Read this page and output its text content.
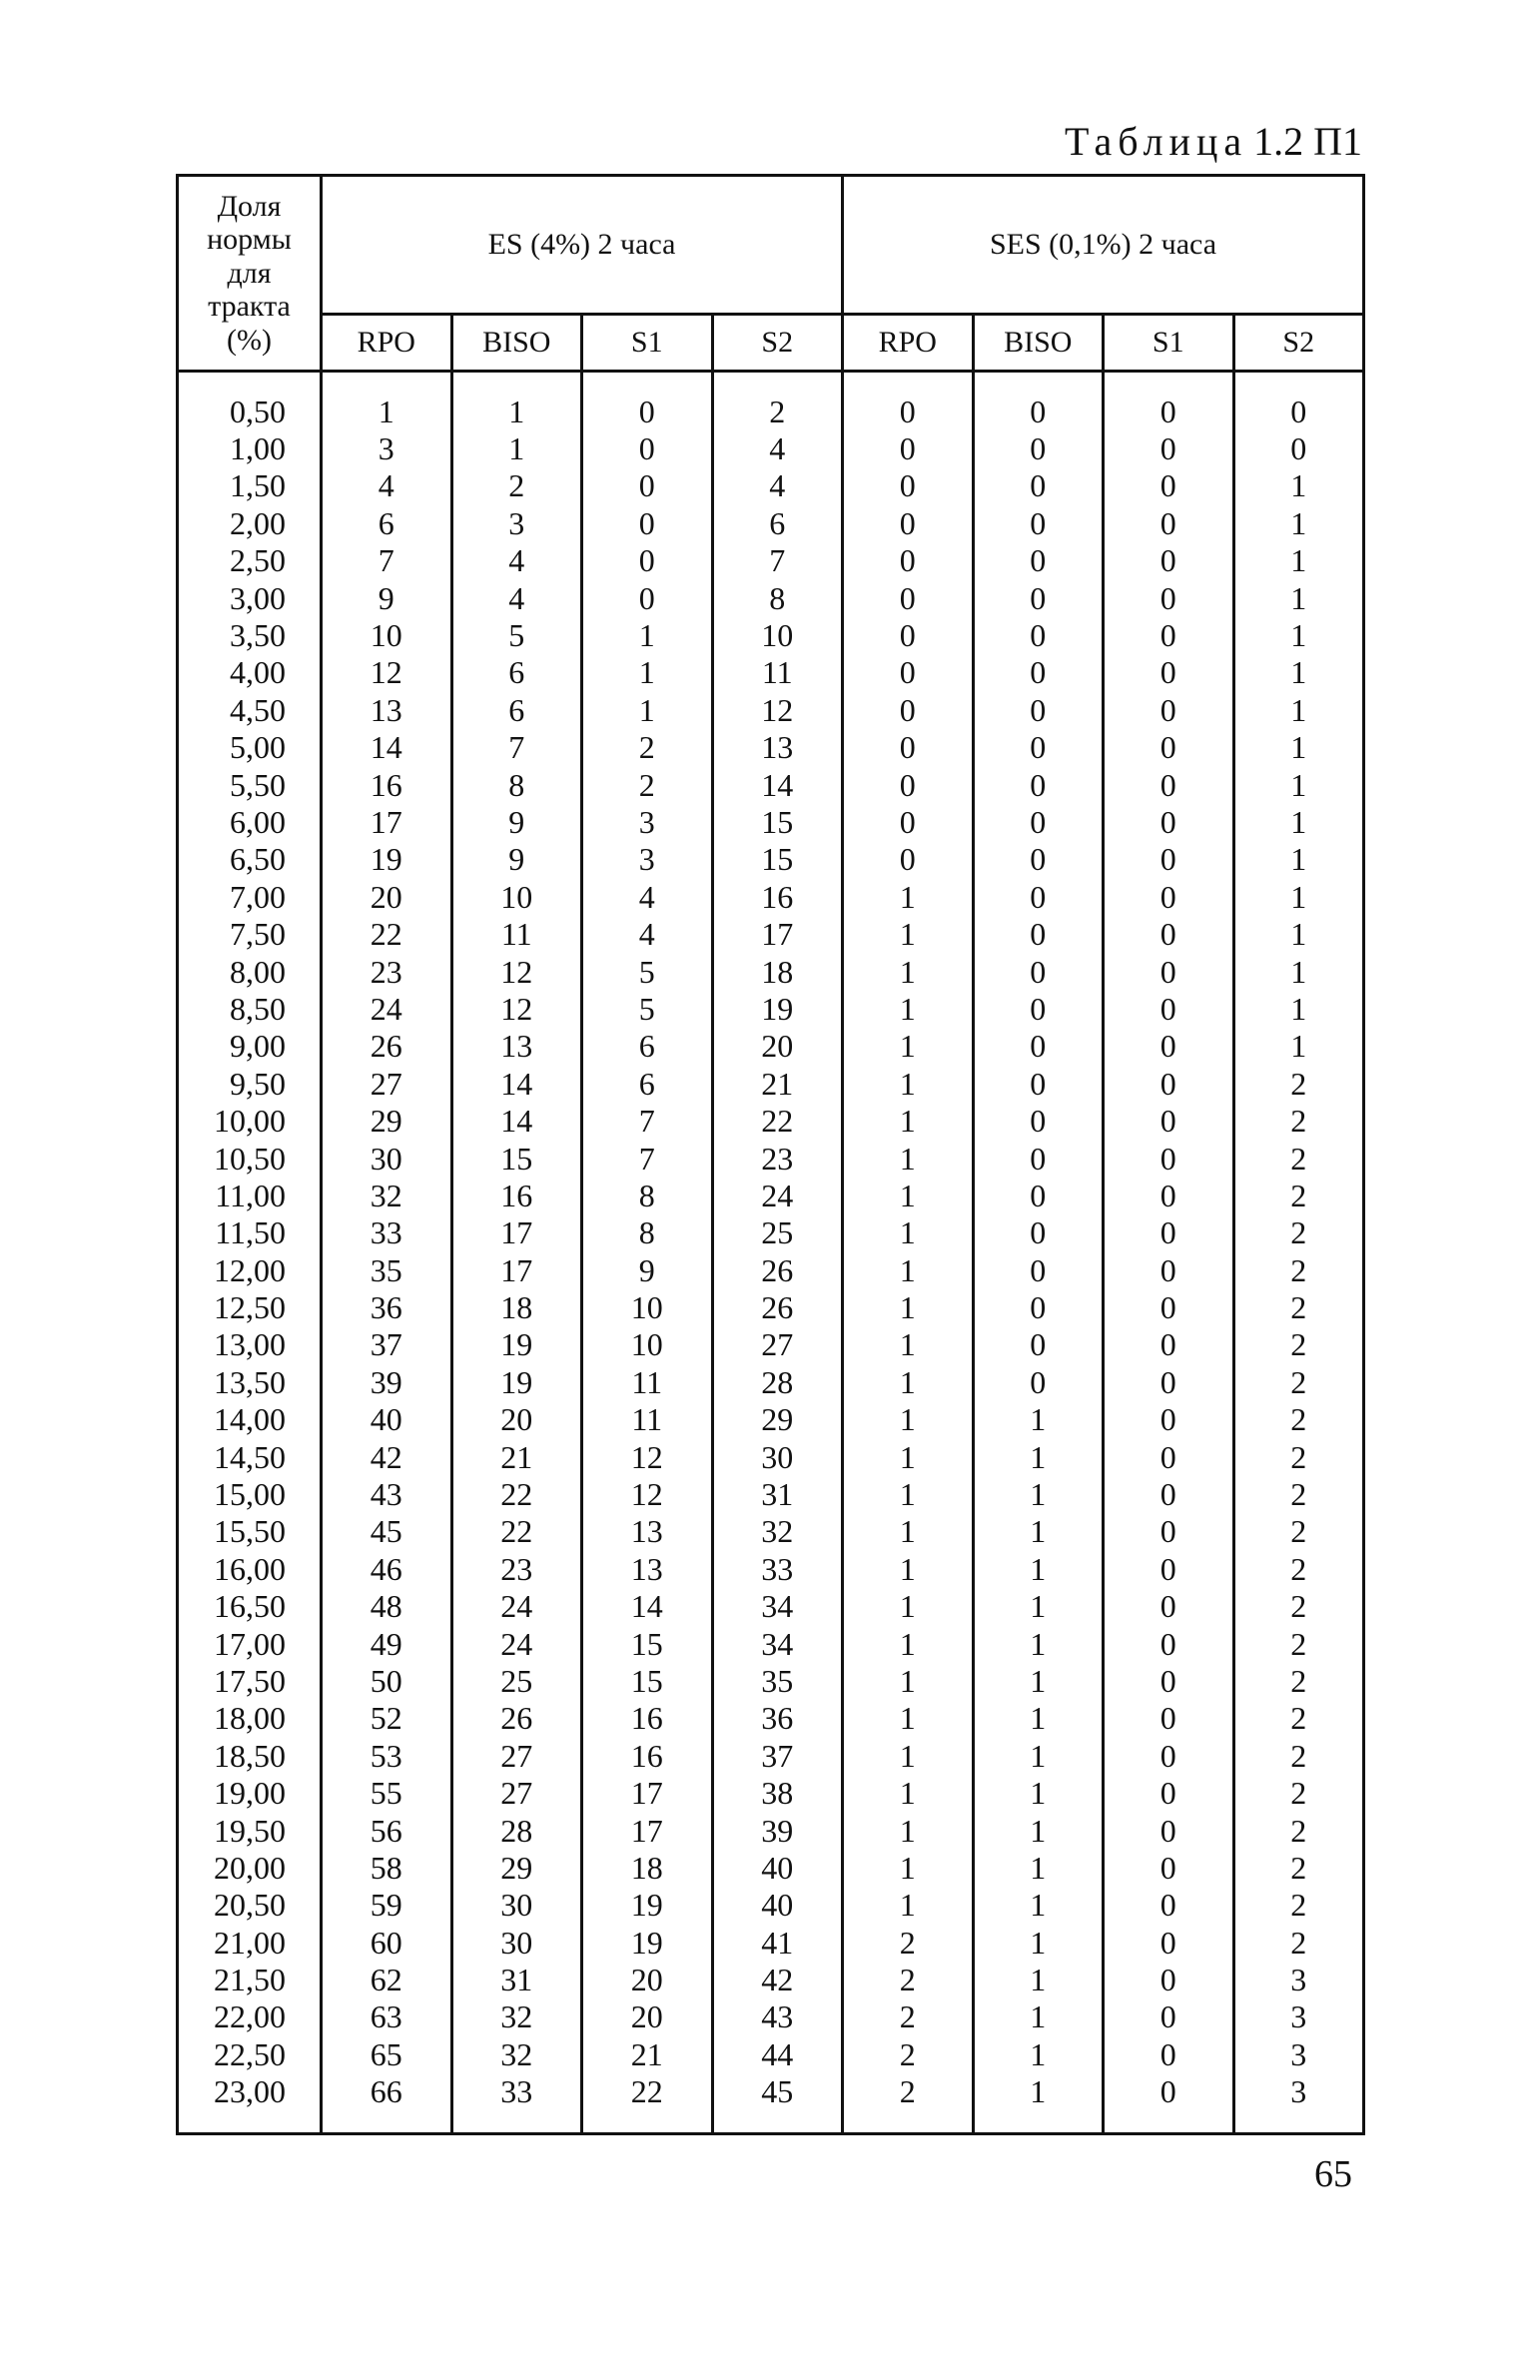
Таблица 1.2 П1
Доля
нормы
для
тракта
(%)	ES (4%) 2 часа				SES (0,1%) 2 часа			
	RPO	BISO	S1	S2	RPO	BISO	S1	S2

0,50	1	1	0	2	0	0	0	0
1,00	3	1	0	4	0	0	0	0
1,50	4	2	0	4	0	0	0	1
2,00	6	3	0	6	0	0	0	1
2,50	7	4	0	7	0	0	0	1
3,00	9	4	0	8	0	0	0	1
3,50	10	5	1	10	0	0	0	1
4,00	12	6	1	11	0	0	0	1
4,50	13	6	1	12	0	0	0	1
5,00	14	7	2	13	0	0	0	1
5,50	16	8	2	14	0	0	0	1
6,00	17	9	3	15	0	0	0	1
6,50	19	9	3	15	0	0	0	1
7,00	20	10	4	16	1	0	0	1
7,50	22	11	4	17	1	0	0	1
8,00	23	12	5	18	1	0	0	1
8,50	24	12	5	19	1	0	0	1
9,00	26	13	6	20	1	0	0	1
9,50	27	14	6	21	1	0	0	2
10,00	29	14	7	22	1	0	0	2
10,50	30	15	7	23	1	0	0	2
11,00	32	16	8	24	1	0	0	2
11,50	33	17	8	25	1	0	0	2
12,00	35	17	9	26	1	0	0	2
12,50	36	18	10	26	1	0	0	2
13,00	37	19	10	27	1	0	0	2
13,50	39	19	11	28	1	0	0	2
14,00	40	20	11	29	1	1	0	2
14,50	42	21	12	30	1	1	0	2
15,00	43	22	12	31	1	1	0	2
15,50	45	22	13	32	1	1	0	2
16,00	46	23	13	33	1	1	0	2
16,50	48	24	14	34	1	1	0	2
17,00	49	24	15	34	1	1	0	2
17,50	50	25	15	35	1	1	0	2
18,00	52	26	16	36	1	1	0	2
18,50	53	27	16	37	1	1	0	2
19,00	55	27	17	38	1	1	0	2
19,50	56	28	17	39	1	1	0	2
20,00	58	29	18	40	1	1	0	2
20,50	59	30	19	40	1	1	0	2
21,00	60	30	19	41	2	1	0	2
21,50	62	31	20	42	2	1	0	3
22,00	63	32	20	43	2	1	0	3
22,50	65	32	21	44	2	1	0	3
23,00	66	33	22	45	2	1	0	3

65
